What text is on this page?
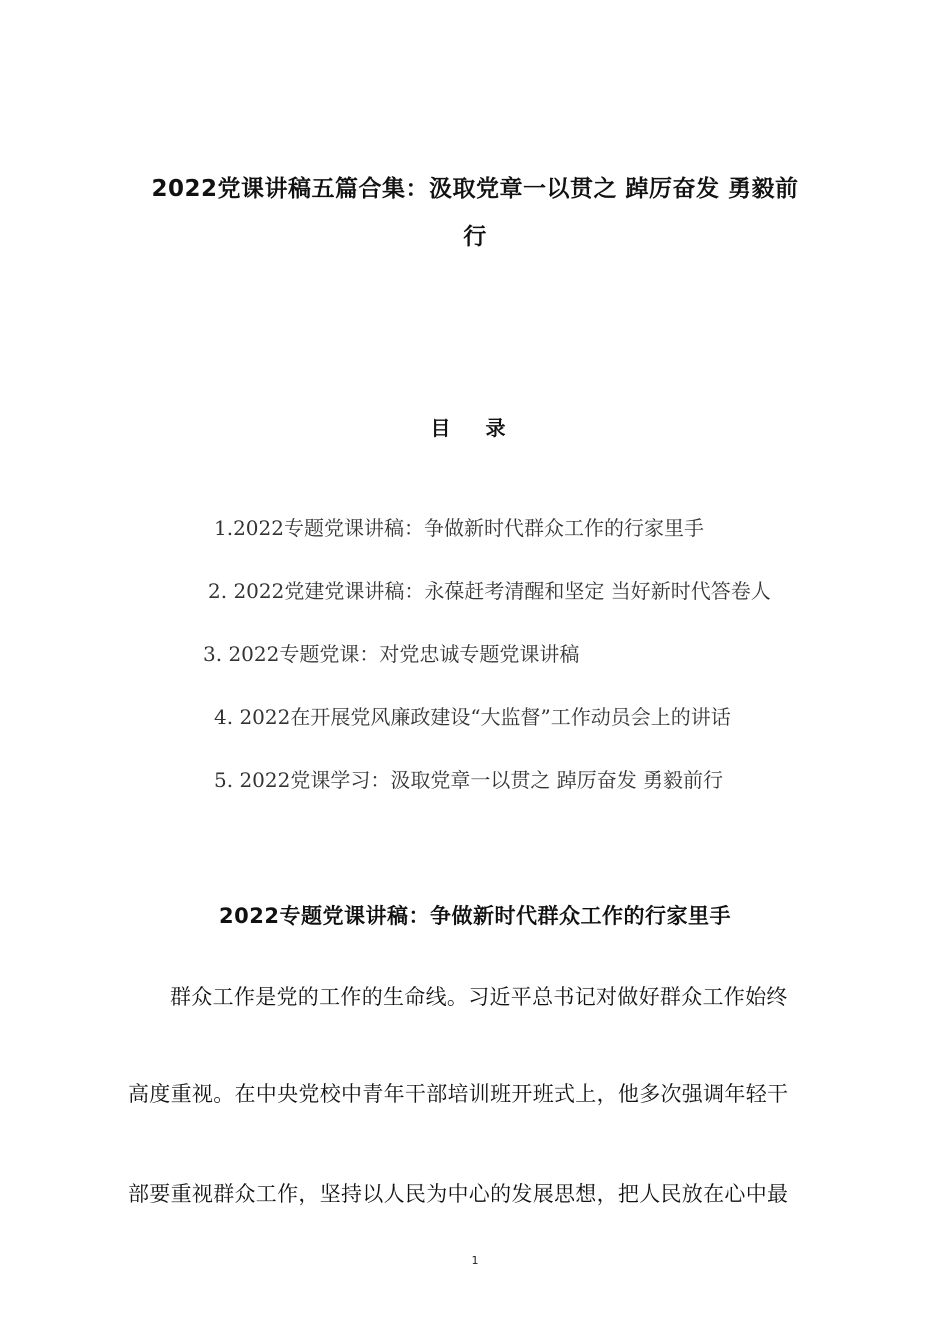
2022党课讲稿五篇合集：汲取党章一以贯之 踔厉奋发 勇毅前
行
目 录
1.2022专题党课讲稿：争做新时代群众工作的行家里手
2. 2022党建党课讲稿：永葆赶考清醒和坚定 当好新时代答卷人
3. 2022专题党课：对党忠诚专题党课讲稿
4. 2022在开展党风廉政建设“大监督”工作动员会上的讲话
5. 2022党课学习：汲取党章一以贯之 踔厉奋发 勇毅前行
2022专题党课讲稿：争做新时代群众工作的行家里手

群众工作是党的工作的生命线。习近平总书记对做好群众工作始终

高度重视。在中央党校中青年干部培训班开班式上，他多次强调年轻干

部要重视群众工作，坚持以人民为中心的发展思想，把人民放在心中最

1
